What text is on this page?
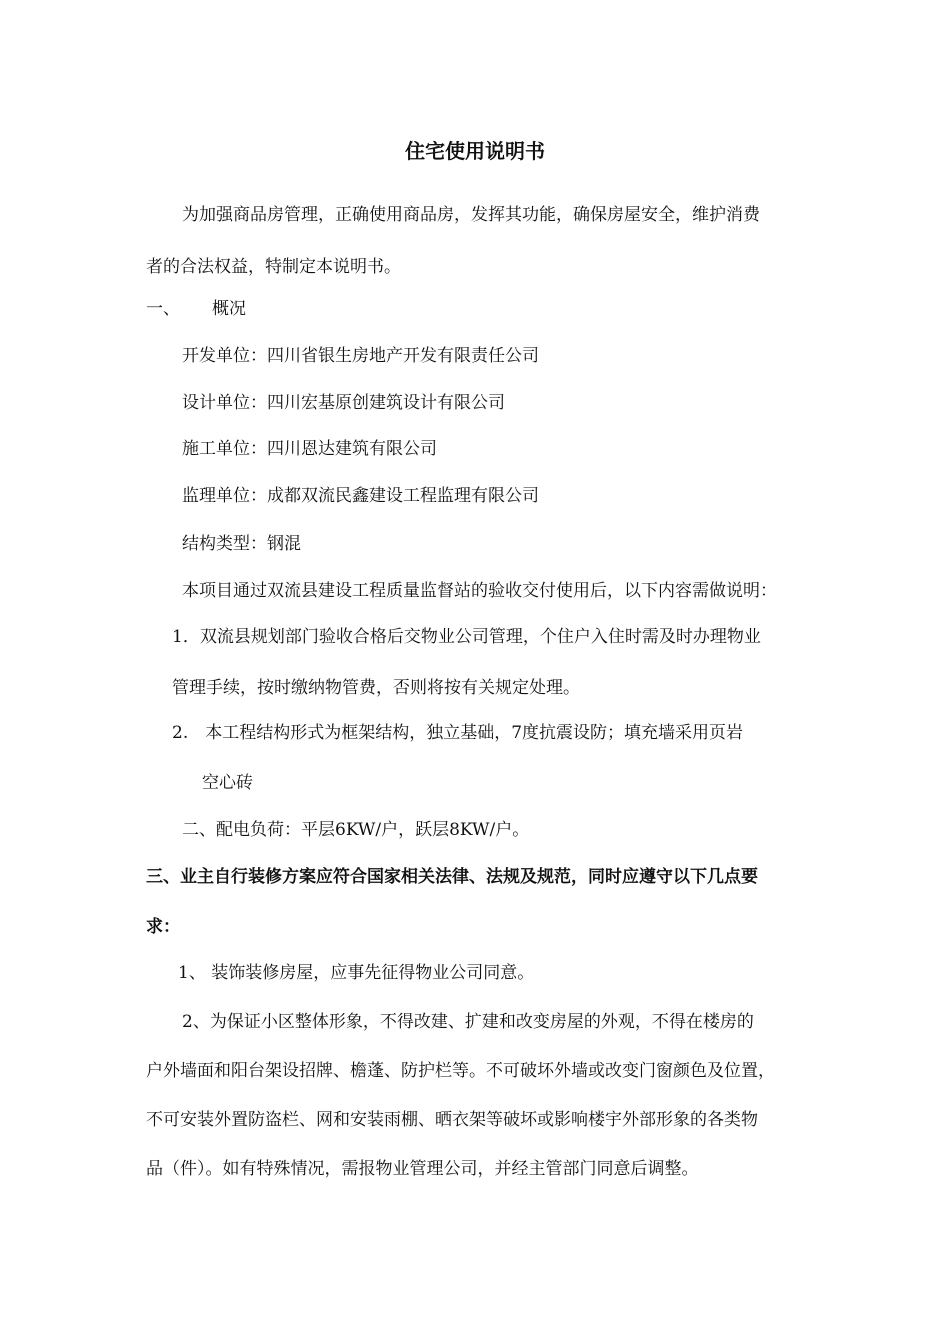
住宅使用说明书
为加强商品房管理，正确使用商品房，发挥其功能，确保房屋安全，维护消费
者的合法权益，特制定本说明书。
一、 概况
开发单位：四川省银生房地产开发有限责任公司
设计单位：四川宏基原创建筑设计有限公司
施工单位：四川恩达建筑有限公司
监理单位：成都双流民鑫建设工程监理有限公司
结构类型：钢混
本项目通过双流县建设工程质量监督站的验收交付使用后，以下内容需做说明：
1．双流县规划部门验收合格后交物业公司管理，个住户入住时需及时办理物业
管理手续，按时缴纳物管费，否则将按有关规定处理。
2.　本工程结构形式为框架结构，独立基础，7度抗震设防；填充墙采用页岩
空心砖
二、配电负荷：平层6KW/户，跃层8KW/户。
三、业主自行装修方案应符合国家相关法律、法规及规范，同时应遵守以下几点要
求：
1、 装饰装修房屋，应事先征得物业公司同意。
2、为保证小区整体形象，不得改建、扩建和改变房屋的外观，不得在楼房的
户外墙面和阳台架设招牌、檐蓬、防护栏等。不可破坏外墙或改变门窗颜色及位置，
不可安装外置防盗栏、网和安装雨棚、晒衣架等破坏或影响楼宇外部形象的各类物
品（件）。如有特殊情况，需报物业管理公司，并经主管部门同意后调整。
